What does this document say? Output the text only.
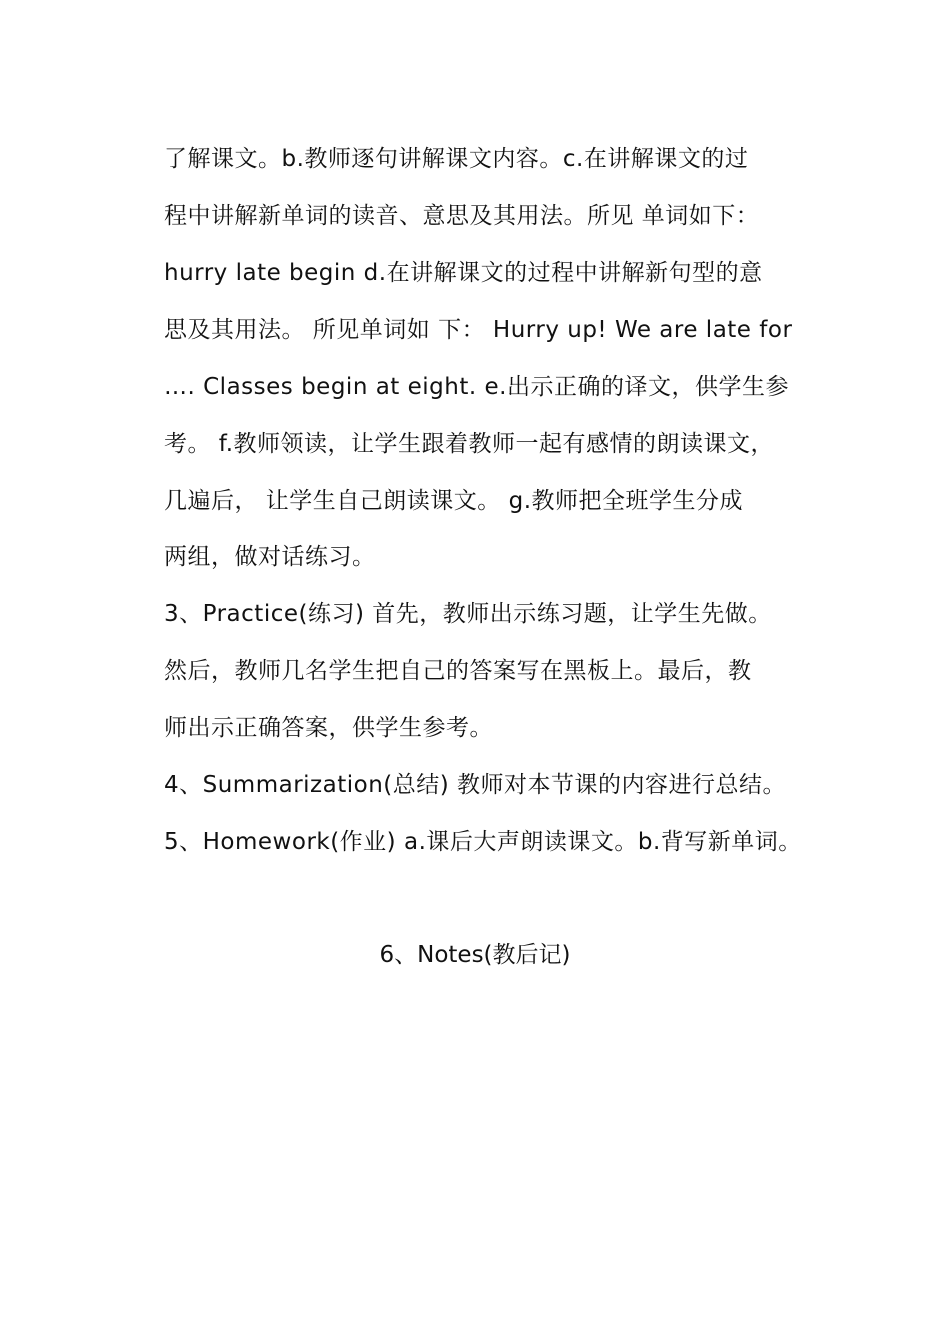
了解课文。b.教师逐句讲解课文内容。c.在讲解课文的过
程中讲解新单词的读音、意思及其用法。所见 单词如下：
hurry late begin d.在讲解课文的过程中讲解新句型的意
思及其用法。 所见单词如 下： Hurry up! We are late for
…. Classes begin at eight. e.出示正确的译文，供学生参
考。 f.教师领读，让学生跟着教师一起有感情的朗读课文，
几遍后， 让学生自己朗读课文。 g.教师把全班学生分成
两组，做对话练习。
3、Practice(练习) 首先，教师出示练习题，让学生先做。
然后，教师几名学生把自己的答案写在黑板上。最后，教
师出示正确答案，供学生参考。
4、Summarization(总结) 教师对本节课的内容进行总结。
5、Homework(作业) a.课后大声朗读课文。b.背写新单词。
6、Notes(教后记)
